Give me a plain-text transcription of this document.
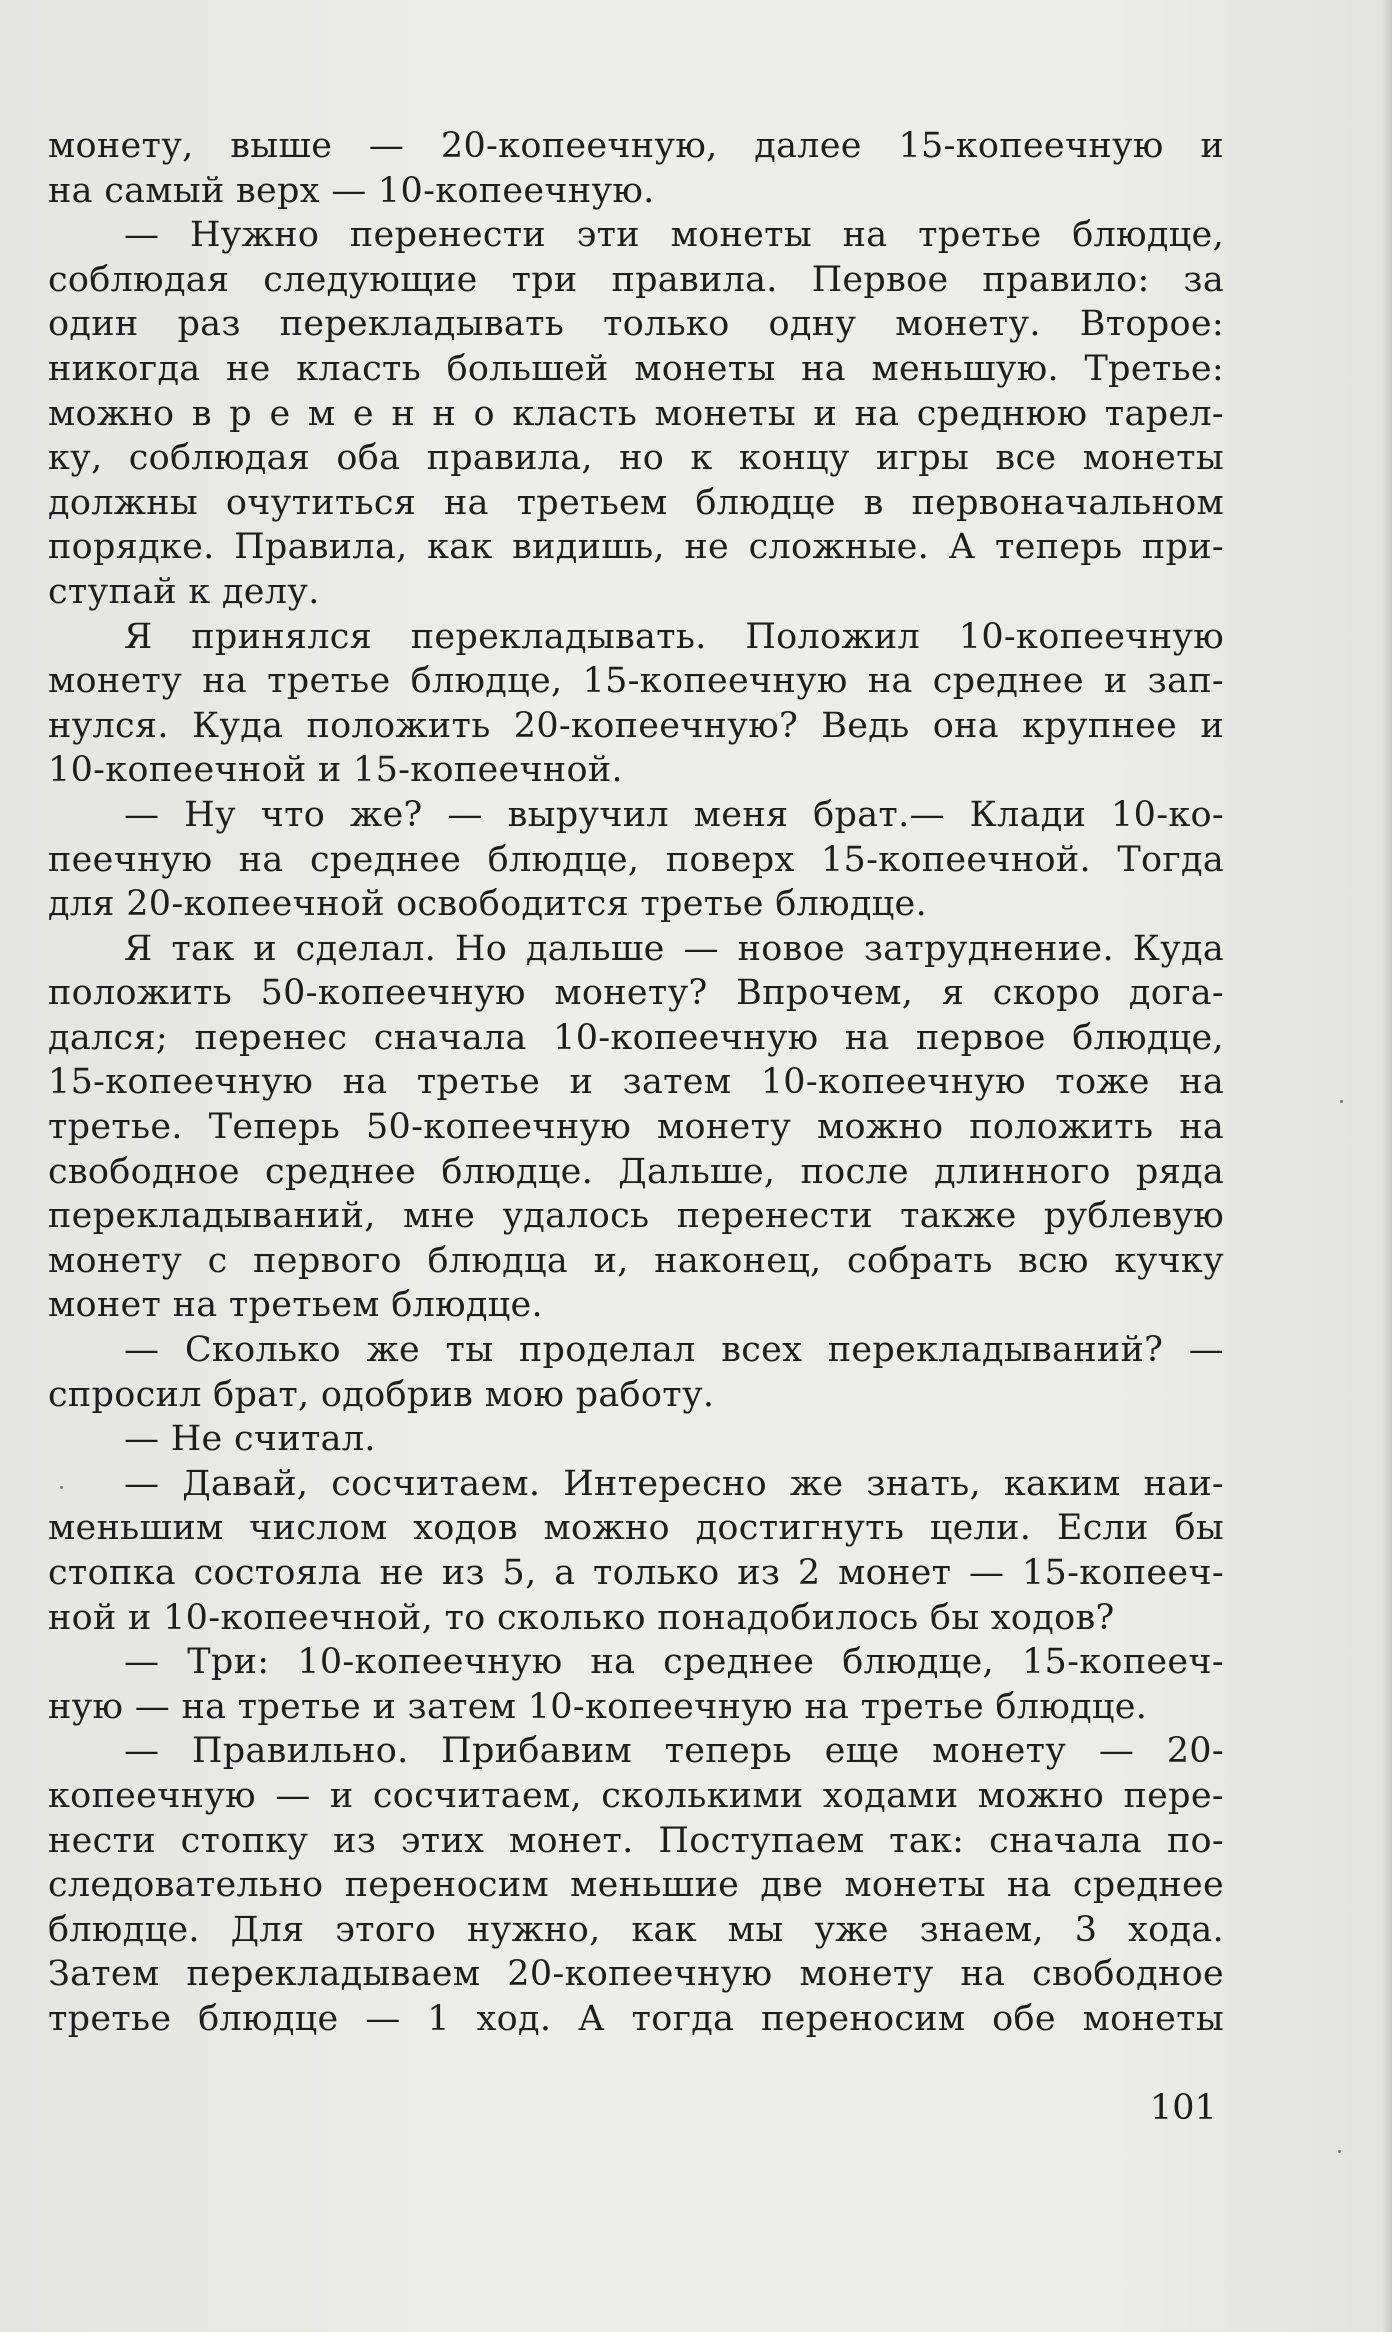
монету, выше — 20-копеечную, далее 15-копеечную и
на самый верх — 10-копеечную.
— Нужно перенести эти монеты на третье блюдце,
соблюдая следующие три правила. Первое правило: за
один раз перекладывать только одну монету. Второе:
никогда не класть большей монеты на меньшую. Третье:
можно в р е м е н н о класть монеты и на среднюю тарел-
ку, соблюдая оба правила, но к концу игры все монеты
должны очутиться на третьем блюдце в первоначальном
порядке. Правила, как видишь, не сложные. А теперь при-
ступай к делу.
Я принялся перекладывать. Положил 10-копеечную
монету на третье блюдце, 15-копеечную на среднее и зап-
нулся. Куда положить 20-копеечную? Ведь она крупнее и
10-копеечной и 15-копеечной.
— Ну что же? — выручил меня брат.— Клади 10-ко-
пеечную на среднее блюдце, поверх 15-копеечной. Тогда
для 20-копеечной освободится третье блюдце.
Я так и сделал. Но дальше — новое затруднение. Куда
положить 50-копеечную монету? Впрочем, я скоро дога-
дался; перенес сначала 10-копеечную на первое блюдце,
15-копеечную на третье и затем 10-копеечную тоже на
третье. Теперь 50-копеечную монету можно положить на
свободное среднее блюдце. Дальше, после длинного ряда
перекладываний, мне удалось перенести также рублевую
монету с первого блюдца и, наконец, собрать всю кучку
монет на третьем блюдце.
— Сколько же ты проделал всех перекладываний? —
спросил брат, одобрив мою работу.
— Не считал.
— Давай, сосчитаем. Интересно же знать, каким наи-
меньшим числом ходов можно достигнуть цели. Если бы
стопка состояла не из 5, а только из 2 монет — 15-копееч-
ной и 10-копеечной, то сколько понадобилось бы ходов?
— Три: 10-копеечную на среднее блюдце, 15-копееч-
ную — на третье и затем 10-копеечную на третье блюдце.
— Правильно. Прибавим теперь еще монету — 20-
копеечную — и сосчитаем, сколькими ходами можно пере-
нести стопку из этих монет. Поступаем так: сначала по-
следовательно переносим меньшие две монеты на среднее
блюдце. Для этого нужно, как мы уже знаем, 3 хода.
Затем перекладываем 20-копеечную монету на свободное
третье блюдце — 1 ход. А тогда переносим обе монеты
101
